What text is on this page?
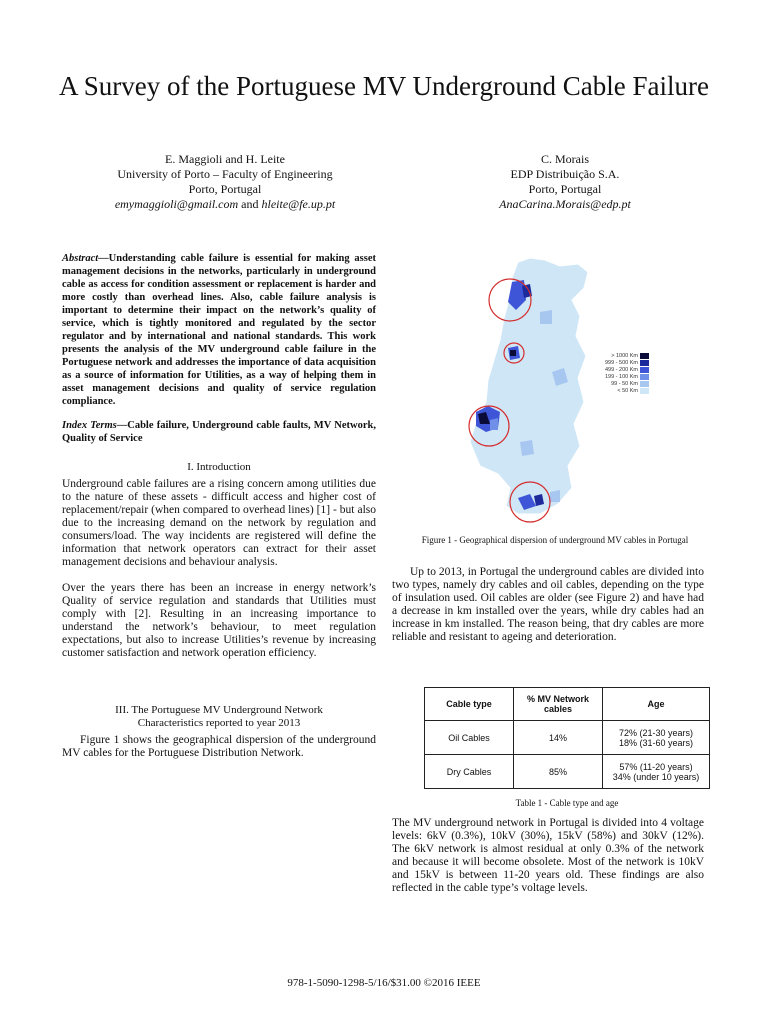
A Survey of the Portuguese MV Underground Cable Failure
E. Maggioli and H. Leite
University of Porto – Faculty of Engineering
Porto, Portugal
emymaggioli@gmail.com and hleite@fe.up.pt
C. Morais
EDP Distribuição S.A.
Porto, Portugal
AnaCarina.Morais@edp.pt

Abstract—Understanding cable failure is essential for making asset management decisions in the networks, particularly in underground cable as access for condition assessment or replacement is harder and more costly than overhead lines. Also, cable failure analysis is important to determine their impact on the network’s quality of service, which is tightly monitored and regulated by the sector regulator and by international and national standards. This work presents the analysis of the MV underground cable failure in the Portuguese network and addresses the importance of data acquisition as a source of information for Utilities, as a way of helping them in asset management decisions and quality of service regulation compliance.

Index Terms—Cable failure, Underground cable faults, MV Network, Quality of Service

I. Introduction

Underground cable failures are a rising concern among utilities due to the nature of these assets - difficult access and higher cost of replacement/repair (when compared to overhead lines) [1] - but also due to the increasing demand on the network by regulation and consumers/load. The way incidents are registered will define the information that network operators can extract for their asset management decisions and behaviour analysis.

Over the years there has been an increase in energy network’s Quality of service regulation and standards that Utilities must comply with [2]. Resulting in an increasing importance to understand the network’s behaviour, to meet regulation expectations, but also to increase Utilities’s revenue by increasing customer satisfaction and network operation efficiency.

III. The Portuguese MV Underground Network
Characteristics reported to year 2013

Figure 1 shows the geographical dispersion of the underground MV cables for the Portuguese Distribution Network.

> 1000 Km
999 - 500 Km
499 - 200 Km
199 - 100 Km
99 - 50 Km
< 50 Km
Figure 1 - Geographical dispersion of underground MV cables in Portugal

Up to 2013, in Portugal the underground cables are divided into two types, namely dry cables and oil cables, depending on the type of insulation used. Oil cables are older (see Figure 2) and have had a decrease in km installed over the years, while dry cables had an increase in km installed. The reason being, that dry cables are more reliable and resistant to ageing and deterioration.

Cable type	% MV Network cables	Age
Oil Cables	14%	72% (21-30 years)
18% (31-60 years)

Dry Cables	85%	57% (11-20 years)
34% (under 10 years)
Table 1 - Cable type and age

The MV underground network in Portugal is divided into 4 voltage levels: 6kV (0.3%), 10kV (30%), 15kV (58%) and 30kV (12%). The 6kV network is almost residual at only 0.3% of the network and because it will become obsolete. Most of the network is 10kV and 15kV is between 11-20 years old. These findings are also reflected in the cable type’s voltage levels.

978-1-5090-1298-5/16/$31.00 ©2016 IEEE
